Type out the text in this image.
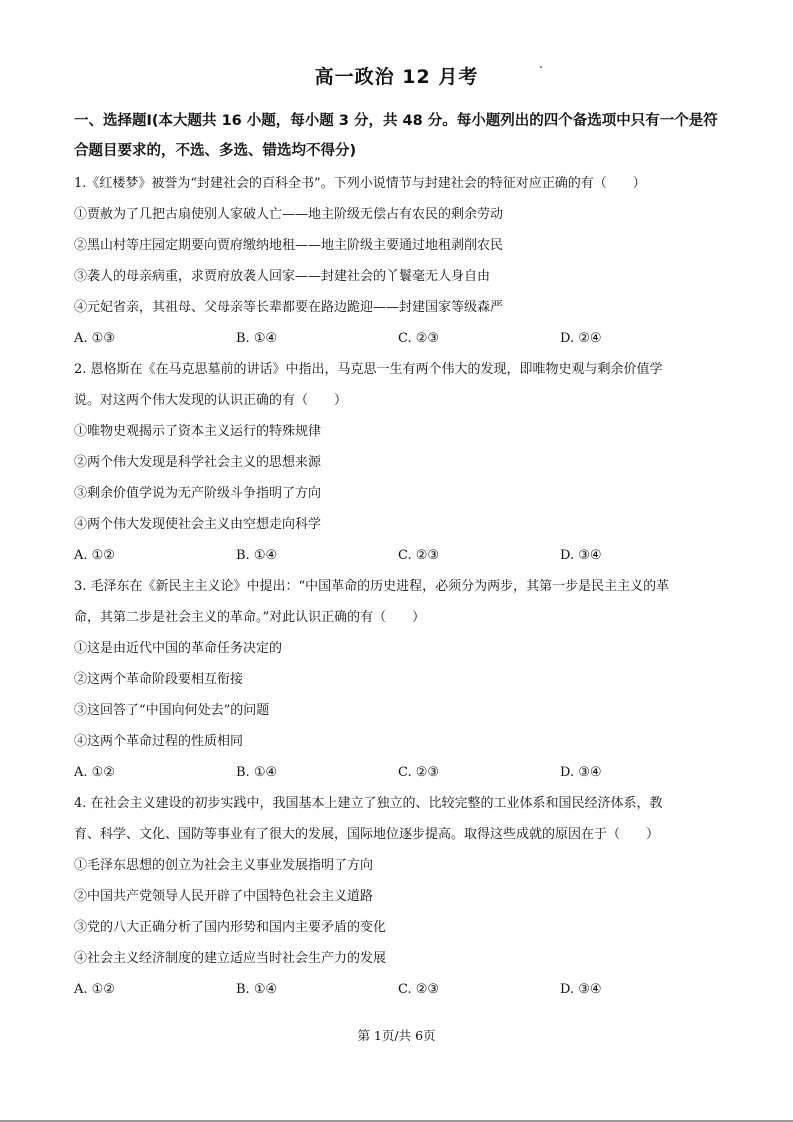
高一政治 12 月考
一、选择题Ⅰ(本大题共 16 小题，每小题 3 分，共 48 分。每小题列出的四个备选项中只有一个是符合题目要求的，不选、多选、错选均不得分)
1.《红楼梦》被誉为“封建社会的百科全书”。下列小说情节与封建社会的特征对应正确的有（　　）
①贾赦为了几把古扇使别人家破人亡——地主阶级无偿占有农民的剩余劳动
②黑山村等庄园定期要向贾府缴纳地租——地主阶级主要通过地租剥削农民
③袭人的母亲病重，求贾府放袭人回家——封建社会的丫鬟毫无人身自由
④元妃省亲，其祖母、父母亲等长辈都要在路边跪迎——封建国家等级森严
A. ①③	B. ①④	C. ②③	D. ②④
2. 恩格斯在《在马克思墓前的讲话》中指出，马克思一生有两个伟大的发现，即唯物史观与剩余价值学
说。对这两个伟大发现的认识正确的有（　　）
①唯物史观揭示了资本主义运行的特殊规律
②两个伟大发现是科学社会主义的思想来源
③剩余价值学说为无产阶级斗争指明了方向
④两个伟大发现使社会主义由空想走向科学
A. ①②	B. ①④	C. ②③	D. ③④
3. 毛泽东在《新民主主义论》中提出：“中国革命的历史进程，必须分为两步，其第一步是民主主义的革
命，其第二步是社会主义的革命。”对此认识正确的有（　　）
①这是由近代中国的革命任务决定的
②这两个革命阶段要相互衔接
③这回答了“中国向何处去”的问题
④这两个革命过程的性质相同
A. ①②	B. ①④	C. ②③	D. ③④
4. 在社会主义建设的初步实践中，我国基本上建立了独立的、比较完整的工业体系和国民经济体系，教
育、科学、文化、国防等事业有了很大的发展，国际地位逐步提高。取得这些成就的原因在于（　　）
①毛泽东思想的创立为社会主义事业发展指明了方向
②中国共产党领导人民开辟了中国特色社会主义道路
③党的八大正确分析了国内形势和国内主要矛盾的变化
④社会主义经济制度的建立适应当时社会生产力的发展
A. ①②	B. ①④	C. ②③	D. ③④
第 1页/共 6页
